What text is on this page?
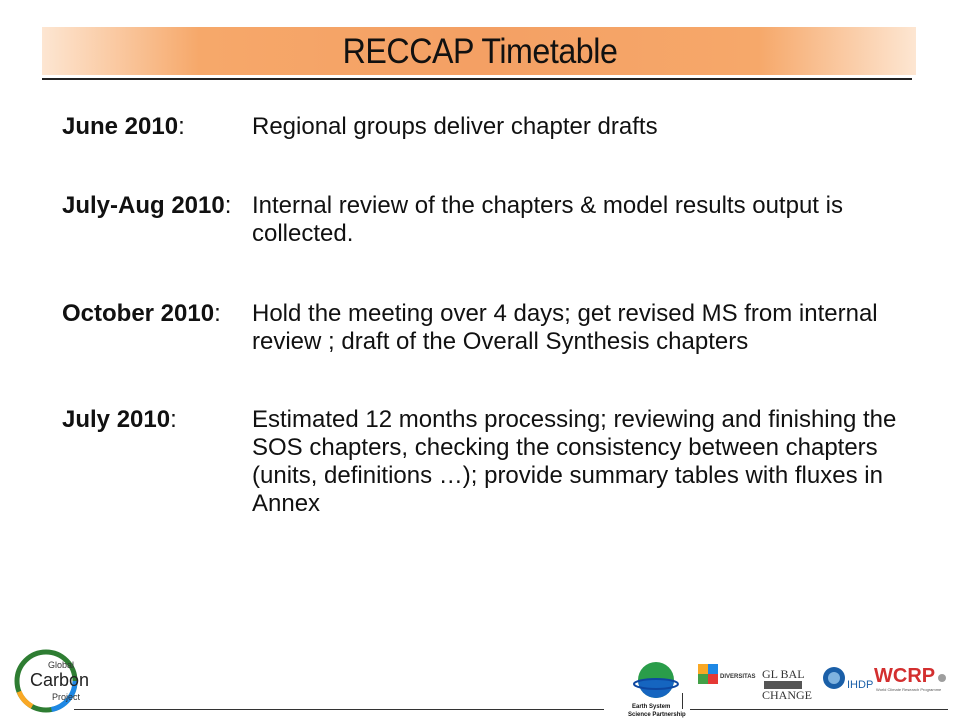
RECCAP Timetable
June 2010:	Regional groups deliver chapter drafts
July-Aug 2010: Internal review of the chapters & model results output is collected.
October 2010: Hold the meeting over 4 days; get revised MS from internal review ; draft of the Overall Synthesis chapters
July 2010:	Estimated 12 months processing; reviewing and finishing the SOS chapters, checking the consistency between chapters (units, definitions …); provide summary tables with fluxes in Annex
Global
Carbon
Project
Earth System
Science Partnership
DIVERSITAS GL BAL
CHANGE
IHDP WCRP
World Climate Research Programme
